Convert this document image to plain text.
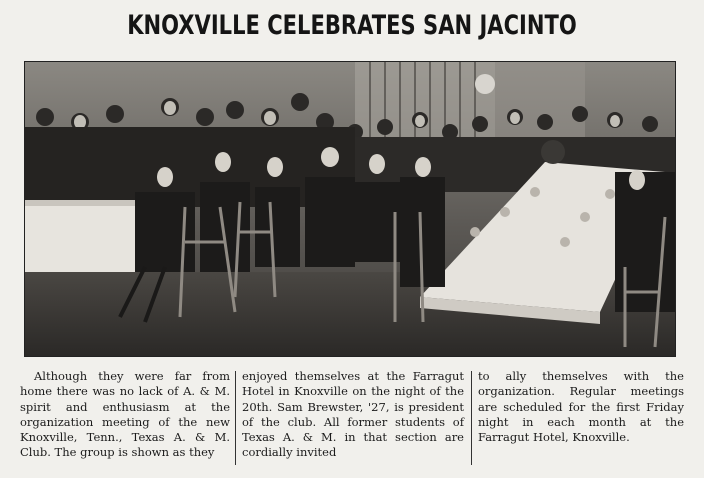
KNOXVILLE CELEBRATES SAN JACINTO

Although they were far from home there was no lack of A. & M. spirit and enthusiasm at the organization meeting of the new Knoxville, Tenn., Texas A. & M. Club. The group is shown as they

enjoyed themselves at the Farragut Hotel in Knoxville on the night of the 20th. Sam Brewster, '27, is president of the club. All former students of Texas A. & M. in that section are cordially invited

to ally themselves with the organization. Regular meetings are scheduled for the first Friday night in each month at the Farragut Hotel, Knoxville.
